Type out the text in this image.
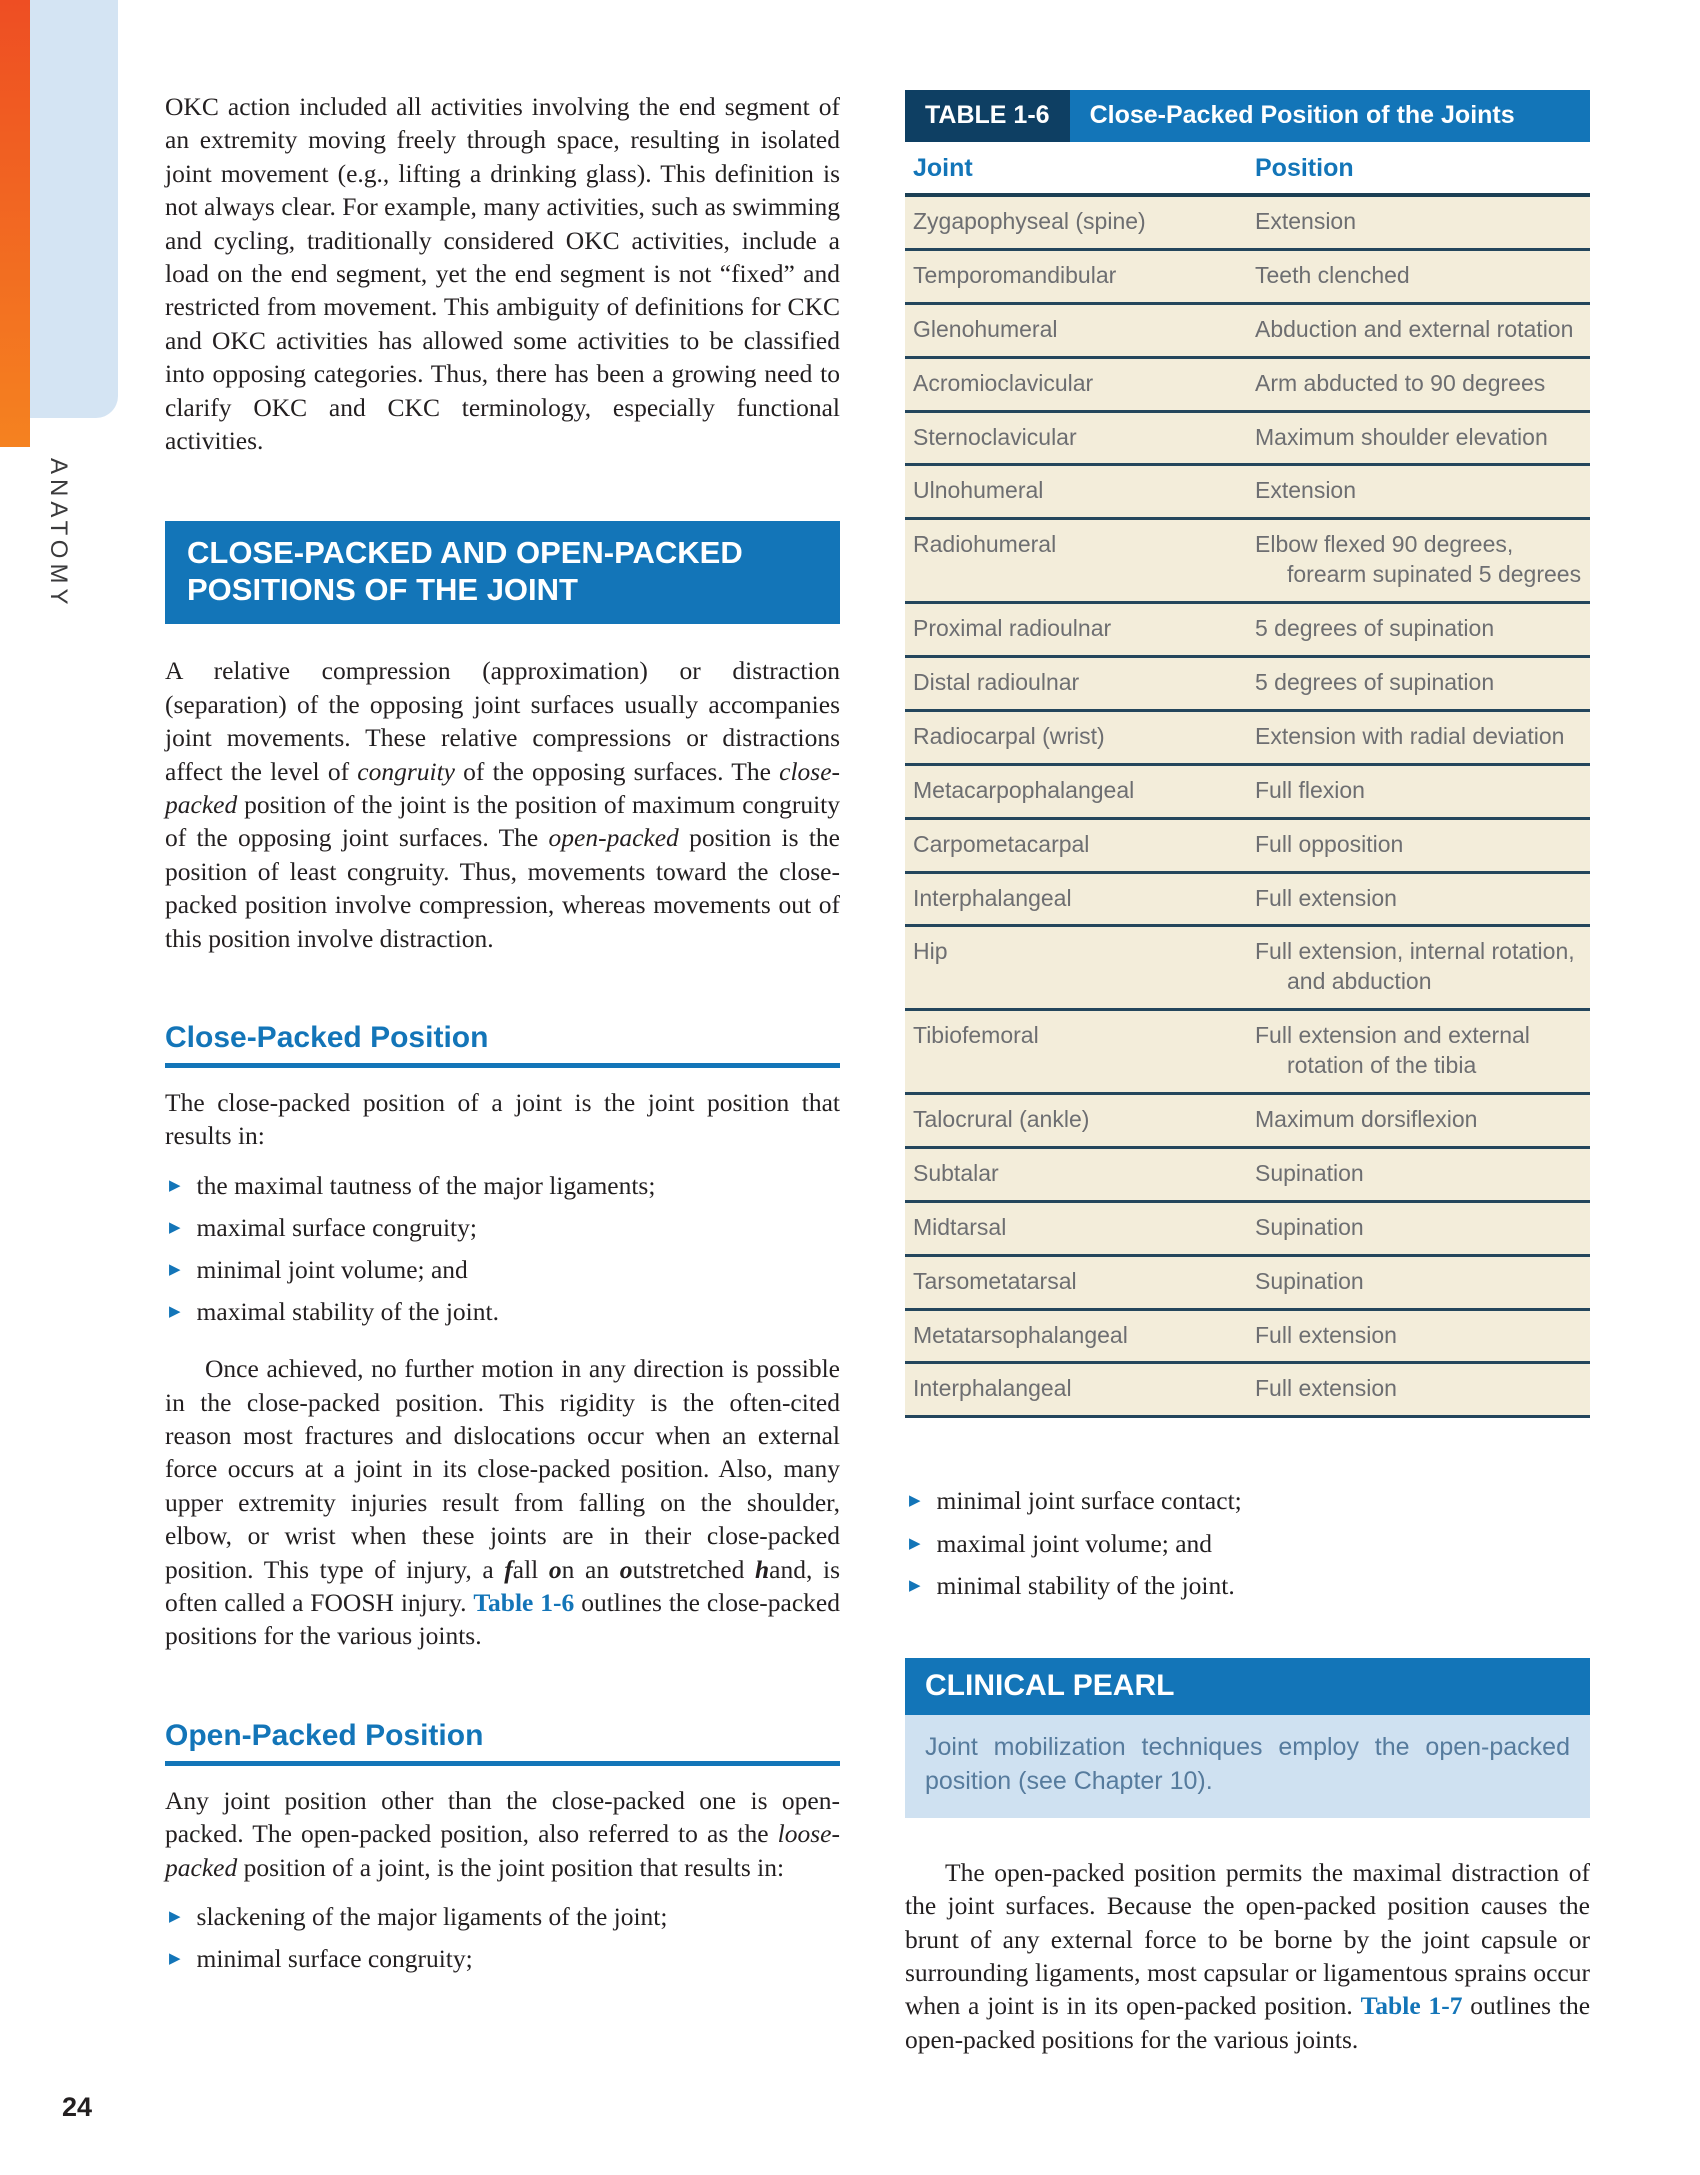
ANATOMY
24

OKC action included all activities involving the end segment of an extremity moving freely through space, resulting in isolated joint movement (e.g., lifting a drinking glass). This definition is not always clear. For example, many activities, such as swimming and cycling, traditionally considered OKC activities, include a load on the end segment, yet the end segment is not “fixed” and restricted from movement. This ambiguity of definitions for CKC and OKC activities has allowed some activities to be classified into opposing categories. Thus, there has been a growing need to clarify OKC and CKC terminology, especially functional activities.

CLOSE-PACKED AND OPEN-PACKED POSITIONS OF THE JOINT

A relative compression (approximation) or distraction (separation) of the opposing joint surfaces usually accompanies joint movements. These relative compressions or distractions affect the level of congruity of the opposing surfaces. The close-packed position of the joint is the position of maximum congruity of the opposing joint surfaces. The open-packed position is the position of least congruity. Thus, movements toward the close-packed position involve compression, whereas movements out of this position involve distraction.

Close-Packed Position

The close-packed position of a joint is the joint position that results in:

▶ the maximal tautness of the major ligaments;
▶ maximal surface congruity;
▶ minimal joint volume; and
▶ maximal stability of the joint.

Once achieved, no further motion in any direction is possible in the close-packed position. This rigidity is the often-cited reason most fractures and dislocations occur when an external force occurs at a joint in its close-packed position. Also, many upper extremity injuries result from falling on the shoulder, elbow, or wrist when these joints are in their close-packed position. This type of injury, a fall on an outstretched hand, is often called a FOOSH injury. Table 1-6 outlines the close-packed positions for the various joints.

Open-Packed Position

Any joint position other than the close-packed one is open-packed. The open-packed position, also referred to as the loose-packed position of a joint, is the joint position that results in:

▶ slackening of the major ligaments of the joint;
▶ minimal surface congruity;
TABLE 1-6	Close-Packed Position of the Joints
Joint	Position
Zygapophyseal (spine)	Extension
Temporomandibular	Teeth clenched
Glenohumeral	Abduction and external rotation
Acromioclavicular	Arm abducted to 90 degrees
Sternoclavicular	Maximum shoulder elevation
Ulnohumeral	Extension
Radiohumeral	Elbow flexed 90 degrees, forearm supinated 5 degrees
Proximal radioulnar	5 degrees of supination
Distal radioulnar	5 degrees of supination
Radiocarpal (wrist)	Extension with radial deviation
Metacarpophalangeal	Full flexion
Carpometacarpal	Full opposition
Interphalangeal	Full extension
Hip	Full extension, internal rotation, and abduction
Tibiofemoral	Full extension and external rotation of the tibia
Talocrural (ankle)	Maximum dorsiflexion
Subtalar	Supination
Midtarsal	Supination
Tarsometatarsal	Supination
Metatarsophalangeal	Full extension
Interphalangeal	Full extension
▶ minimal joint surface contact;
▶ maximal joint volume; and
▶ minimal stability of the joint.
CLINICAL PEARL
Joint mobilization techniques employ the open-packed position (see Chapter 10).

The open-packed position permits the maximal distraction of the joint surfaces. Because the open-packed position causes the brunt of any external force to be borne by the joint capsule or surrounding ligaments, most capsular or ligamentous sprains occur when a joint is in its open-packed position. Table 1-7 outlines the open-packed positions for the various joints.
